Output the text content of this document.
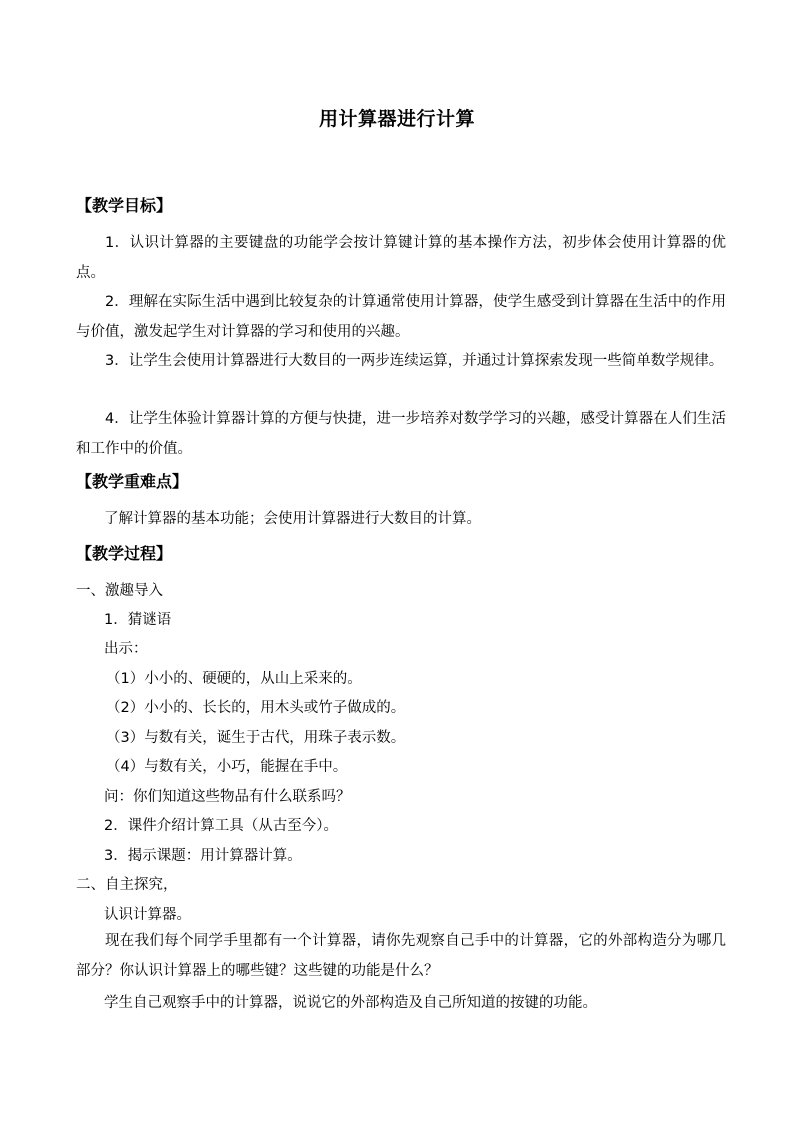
用计算器进行计算
【教学目标】

1．认识计算器的主要键盘的功能学会按计算键计算的基本操作方法，初步体会使用计算器的优点。

2．理解在实际生活中遇到比较复杂的计算通常使用计算器，使学生感受到计算器在生活中的作用与价值，激发起学生对计算器的学习和使用的兴趣。

3．让学生会使用计算器进行大数目的一两步连续运算，并通过计算探索发现一些简单数学规律。

4．让学生体验计算器计算的方便与快捷，进一步培养对数学学习的兴趣，感受计算器在人们生活和工作中的价值。

【教学重难点】
了解计算器的基本功能；会使用计算器进行大数目的计算。
【教学过程】
一、激趣导入
1．猜谜语
出示：
（1）小小的、硬硬的，从山上采来的。
（2）小小的、长长的，用木头或竹子做成的。
（3）与数有关，诞生于古代，用珠子表示数。
（4）与数有关，小巧，能握在手中。
问：你们知道这些物品有什么联系吗？
2．课件介绍计算工具（从古至今）。
3．揭示课题：用计算器计算。
二、自主探究，
认识计算器。

现在我们每个同学手里都有一个计算器，请你先观察自己手中的计算器，它的外部构造分为哪几部分？你认识计算器上的哪些键？这些键的功能是什么？

学生自己观察手中的计算器，说说它的外部构造及自己所知道的按键的功能。
